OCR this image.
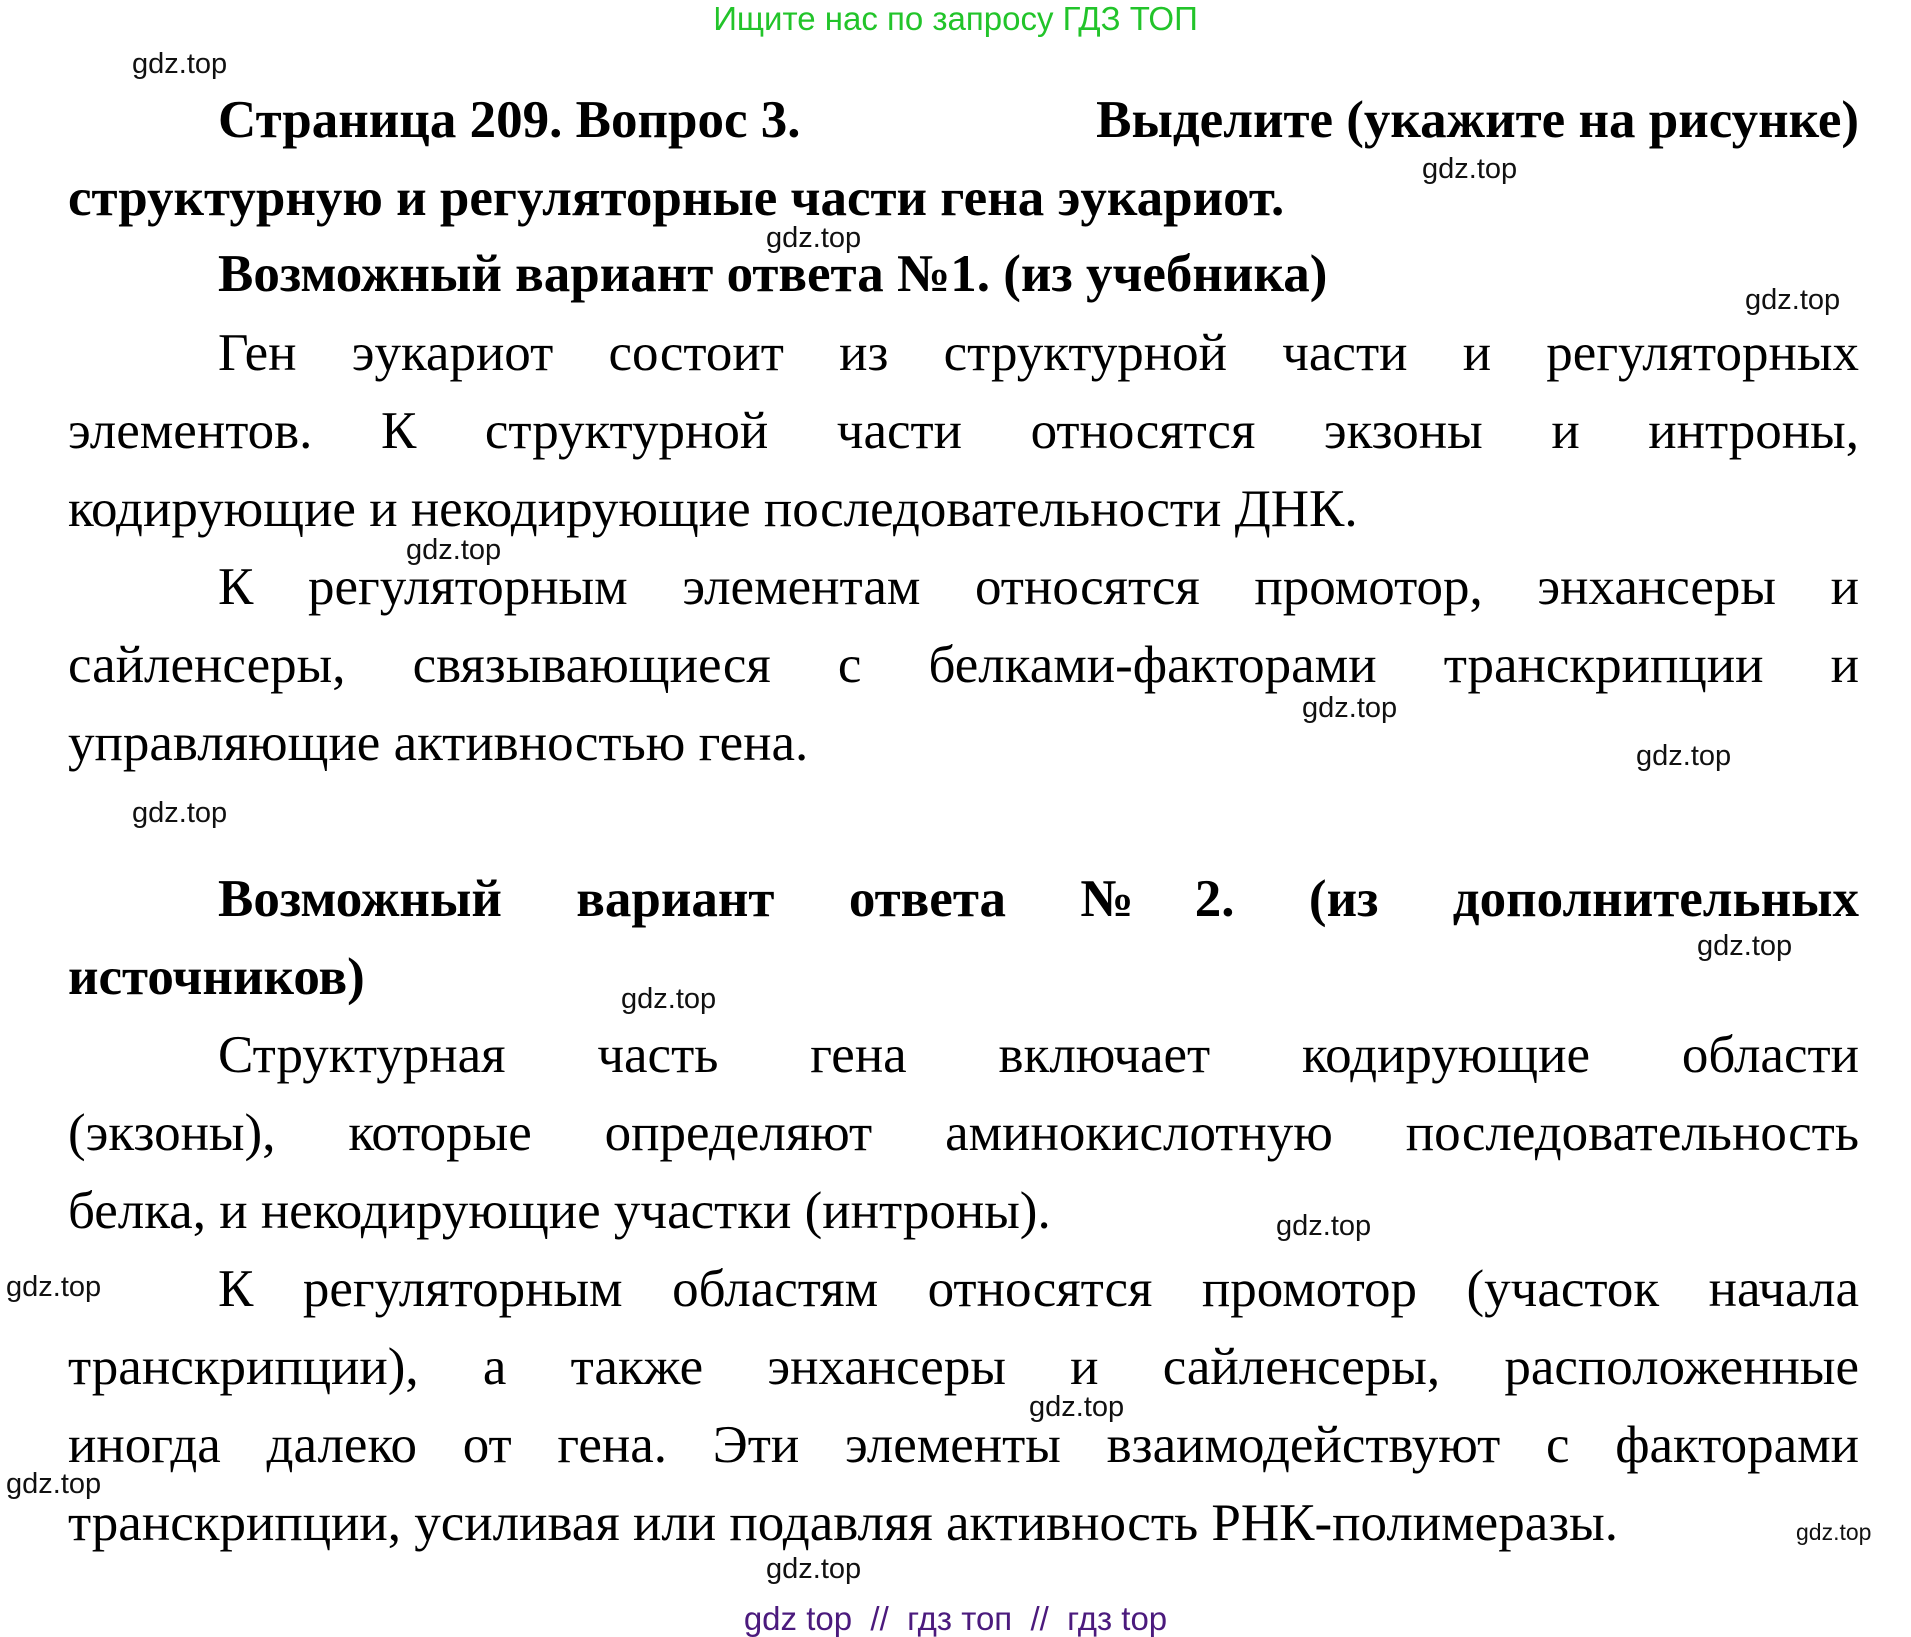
Ищите нас по запросу ГДЗ ТОП
Страница 209. Вопрос 3.	Выделите (укажите на рисунке)
структурную и регуляторные части гена эукариот.
Возможный вариант ответа №1. (из учебника)
Ген эукариот состоит из структурной части и регуляторных
элементов. К структурной части относятся экзоны и интроны,
кодирующие и некодирующие последовательности ДНК.
К регуляторным элементам относятся промотор, энхансеры и
сайленсеры, связывающиеся с белками-факторами транскрипции и
управляющие активностью гена.
Возможный вариант ответа №2. (из дополнительных
источников)
Структурная часть гена включает кодирующие области
(экзоны), которые определяют аминокислотную последовательность
белка, и некодирующие участки (интроны).
К регуляторным областям относятся промотор (участок начала
транскрипции), а также энхансеры и сайленсеры, расположенные
иногда далеко от гена. Эти элементы взаимодействуют с факторами
транскрипции, усиливая или подавляя активность РНК-полимеразы.
gdz.top
gdz.top
gdz.top
gdz.top
gdz.top
gdz.top
gdz.top
gdz.top
gdz.top
gdz.top
gdz.top
gdz.top
gdz.top
gdz.top
gdz.top
gdz.top
gdz top  //  гдз топ  //  гдз top
